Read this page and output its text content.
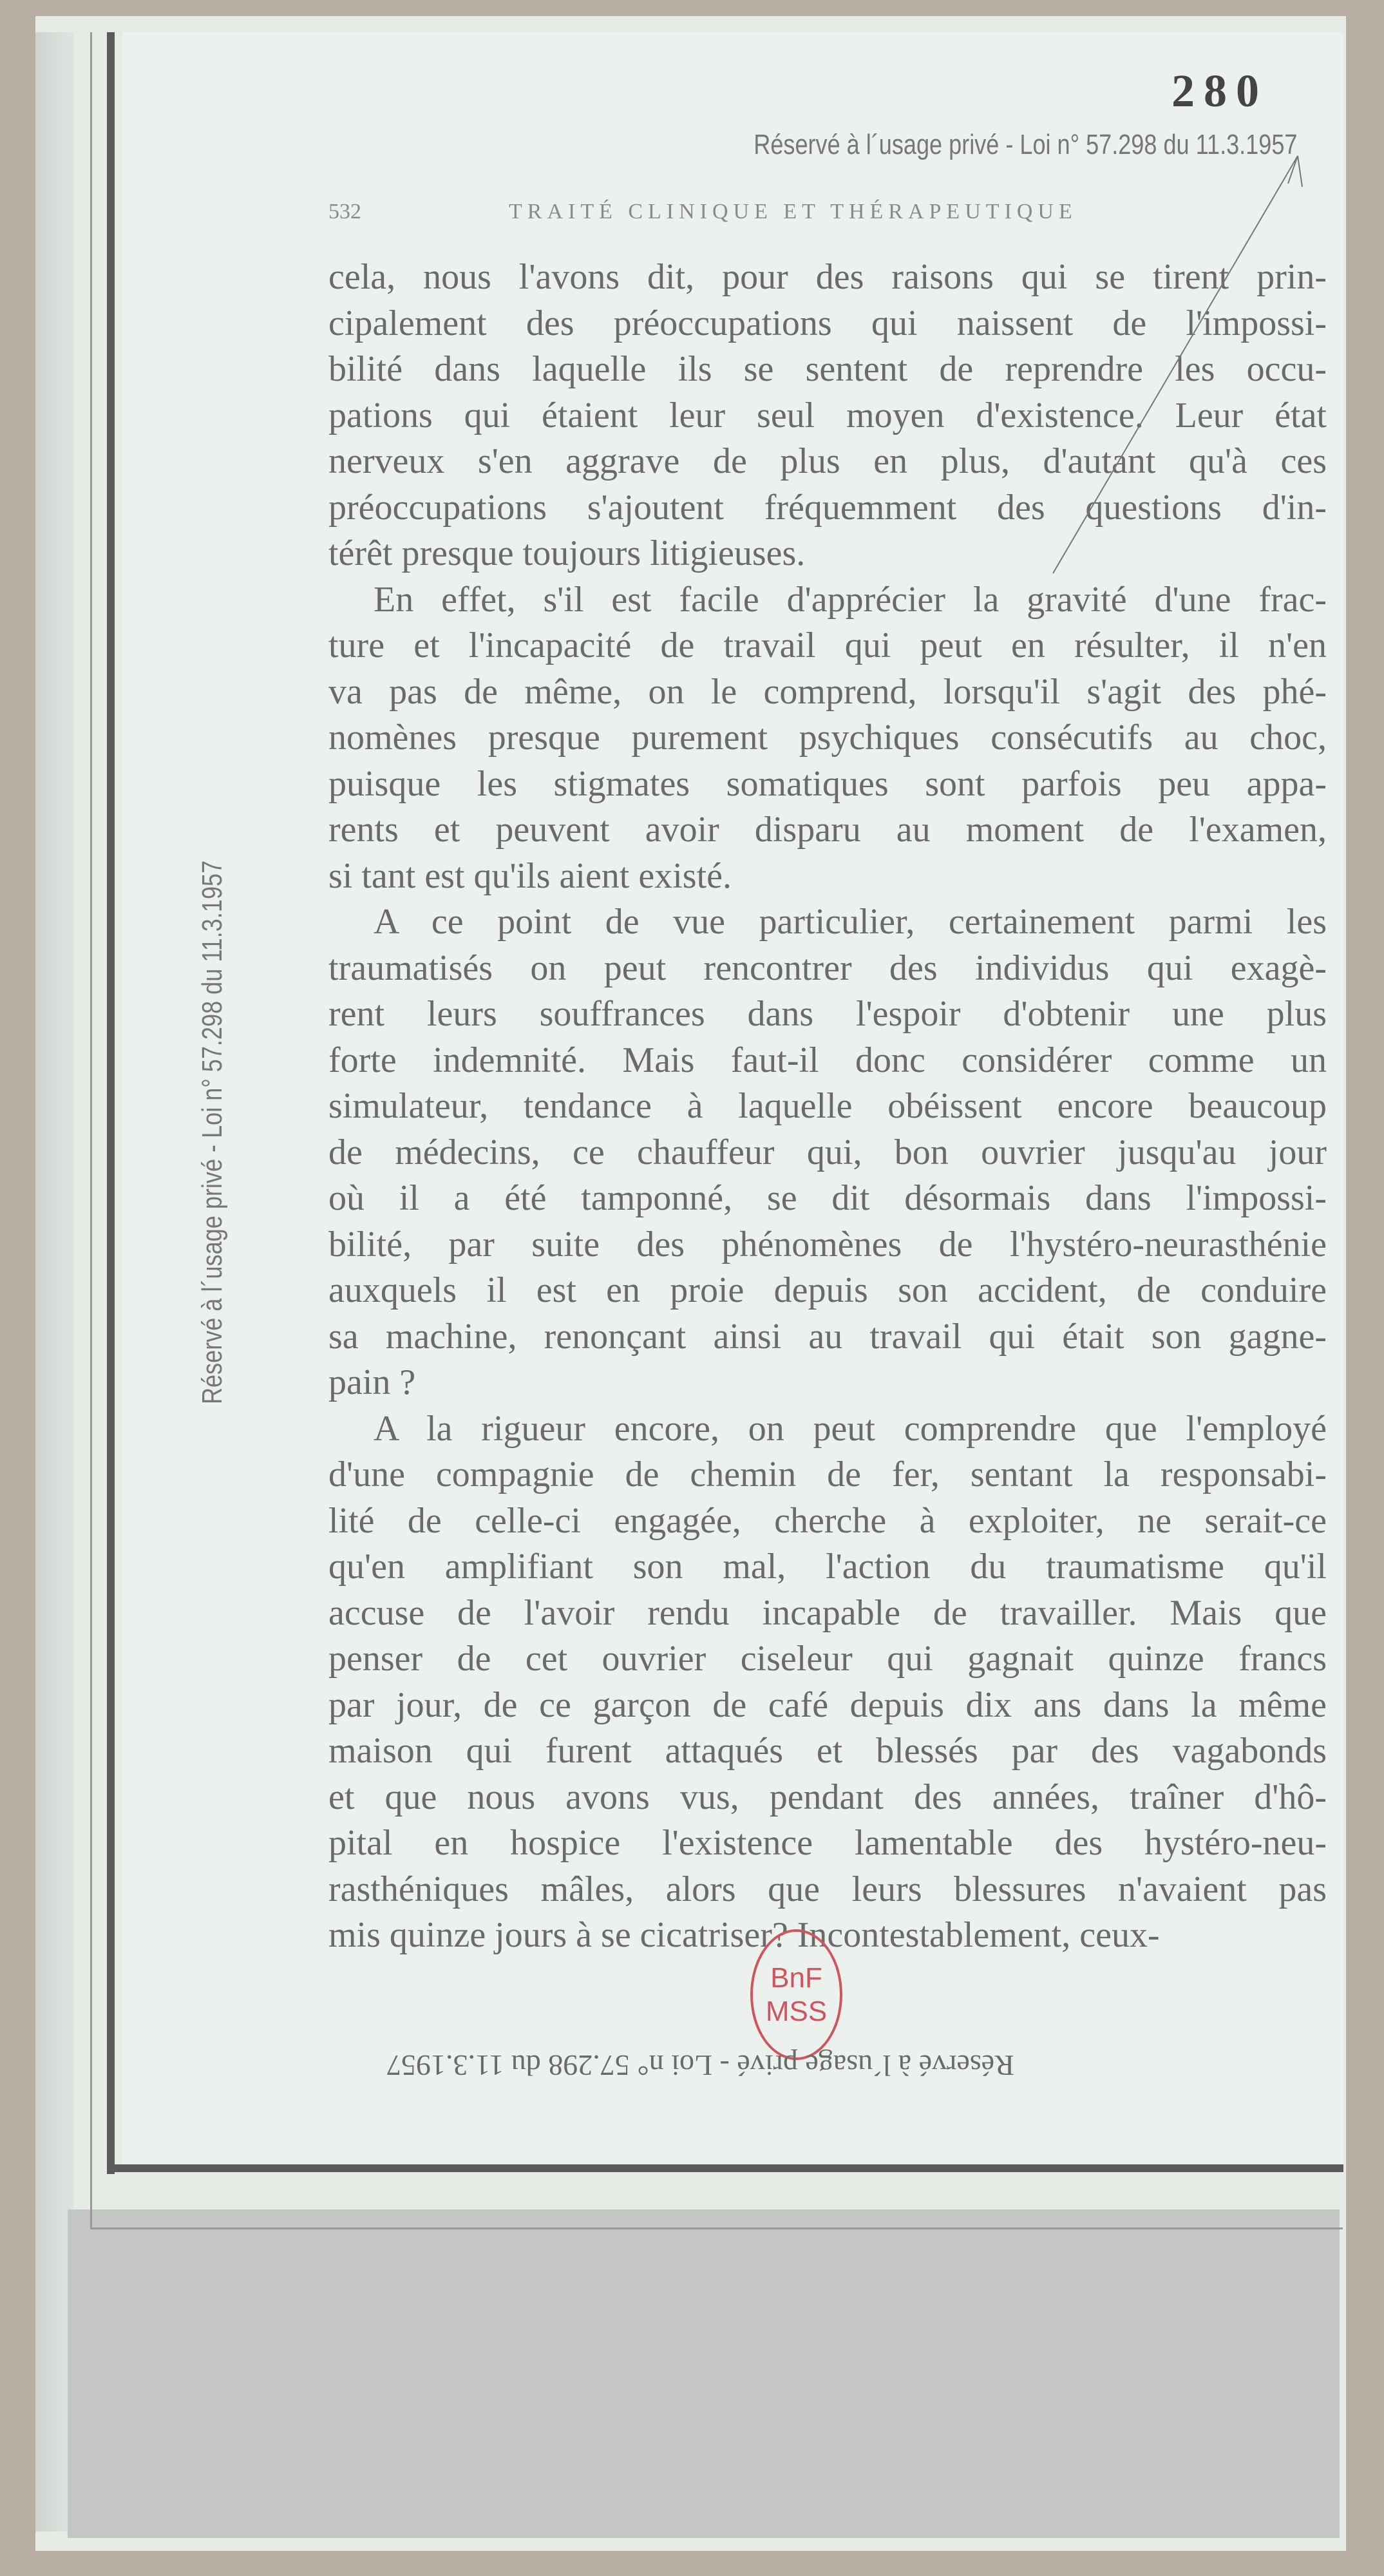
280
Réservé à l´usage privé - Loi n° 57.298 du 11.3.1957
532	TRAITÉ CLINIQUE ET THÉRAPEUTIQUE
cela, nous l'avons dit, pour des raisons qui se tirent prin-
cipalement des préoccupations qui naissent de l'impossi-
bilité dans laquelle ils se sentent de reprendre les occu-
pations qui étaient leur seul moyen d'existence. Leur état
nerveux s'en aggrave de plus en plus, d'autant qu'à ces
préoccupations s'ajoutent fréquemment des questions d'in-
térêt presque toujours litigieuses.
En effet, s'il est facile d'apprécier la gravité d'une frac-
ture et l'incapacité de travail qui peut en résulter, il n'en
va pas de même, on le comprend, lorsqu'il s'agit des phé-
nomènes presque purement psychiques consécutifs au choc,
puisque les stigmates somatiques sont parfois peu appa-
rents et peuvent avoir disparu au moment de l'examen,
si tant est qu'ils aient existé.
A ce point de vue particulier, certainement parmi les
traumatisés on peut rencontrer des individus qui exagè-
rent leurs souffrances dans l'espoir d'obtenir une plus
forte indemnité. Mais faut-il donc considérer comme un
simulateur, tendance à laquelle obéissent encore beaucoup
de médecins, ce chauffeur qui, bon ouvrier jusqu'au jour
où il a été tamponné, se dit désormais dans l'impossi-
bilité, par suite des phénomènes de l'hystéro-neurasthénie
auxquels il est en proie depuis son accident, de conduire
sa machine, renonçant ainsi au travail qui était son gagne-
pain ?
A la rigueur encore, on peut comprendre que l'employé
d'une compagnie de chemin de fer, sentant la responsabi-
lité de celle-ci engagée, cherche à exploiter, ne serait-ce
qu'en amplifiant son mal, l'action du traumatisme qu'il
accuse de l'avoir rendu incapable de travailler. Mais que
penser de cet ouvrier ciseleur qui gagnait quinze francs
par jour, de ce garçon de café depuis dix ans dans la même
maison qui furent attaqués et blessés par des vagabonds
et que nous avons vus, pendant des années, traîner d'hô-
pital en hospice l'existence lamentable des hystéro-neu-
rasthéniques mâles, alors que leurs blessures n'avaient pas
mis quinze jours à se cicatriser? Incontestablement, ceux-
Réservé à l´usage privé - Loi n° 57.298 du 11.3.1957
BnF
MSS
Réservé à l´usage privé - Loi n° 57.298 du 11.3.1957
